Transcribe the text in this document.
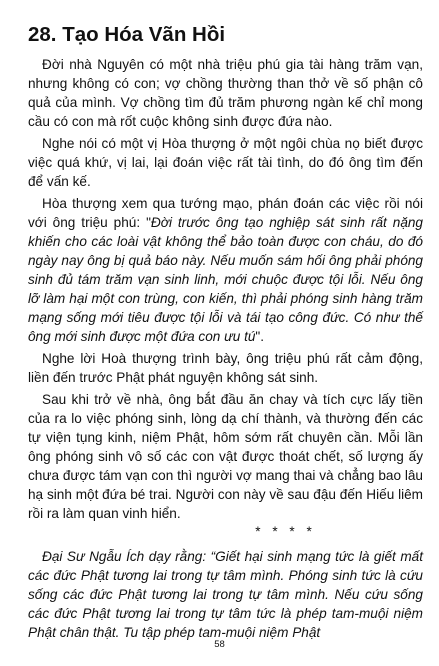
28. Tạo Hóa Vãn Hồi

Đời nhà Nguyên có một nhà triệu phú gia tài hàng trăm vạn, nhưng không có con; vợ chồng thường than thở về số phận cô quả của mình. Vợ chồng tìm đủ trăm phương ngàn kế chỉ mong cầu có con mà rốt cuộc không sinh được đứa nào.

Nghe nói có một vị Hòa thượng ở một ngôi chùa nọ biết được việc quá khứ, vị lai, lại đoán việc rất tài tình, do đó ông tìm đến để vấn kế.

Hòa thượng xem qua tướng mạo, phán đoán các việc rồi nói với ông triệu phú: "Đời trước ông tạo nghiệp sát sinh rất nặng khiến cho các loài vật không thể bảo toàn được con cháu, do đó ngày nay ông bị quả báo này. Nếu muốn sám hối ông phải phóng sinh đủ tám trăm vạn sinh linh, mới chuộc được tội lỗi. Nếu ông lỡ làm hại một con trùng, con kiến, thì phải phóng sinh hàng trăm mạng sống mới tiêu được tội lỗi và tái tạo công đức. Có như thế ông mới sinh được một đứa con ưu tú".

Nghe lời Hoà thượng trình bày, ông triệu phú rất cảm động, liền đến trước Phật phát nguyện không sát sinh.

Sau khi trở về nhà, ông bắt đầu ăn chay và tích cực lấy tiền của ra lo việc phóng sinh, lòng dạ chí thành, và thường đến các tự viện tụng kinh, niệm Phật, hôm sớm rất chuyên cần. Mỗi lần ông phóng sinh vô số các con vật được thoát chết, số lượng ấy chưa được tám vạn con thì người vợ mang thai và chẳng bao lâu hạ sinh một đứa bé trai. Người con này về sau đậu đến Hiếu liêm rồi ra làm quan vinh hiển.

* * * *

Đại Sư Ngẫu Ích dạy rằng: “Giết hại sinh mạng tức là giết mất các đức Phật tương lai trong tự tâm mình. Phóng sinh tức là cứu sống các đức Phật tương lai trong tự tâm mình. Nếu cứu sống các đức Phật tương lai trong tự tâm tức là phép tam-muội niệm Phật chân thật. Tu tập phép tam-muội niệm Phật

58
